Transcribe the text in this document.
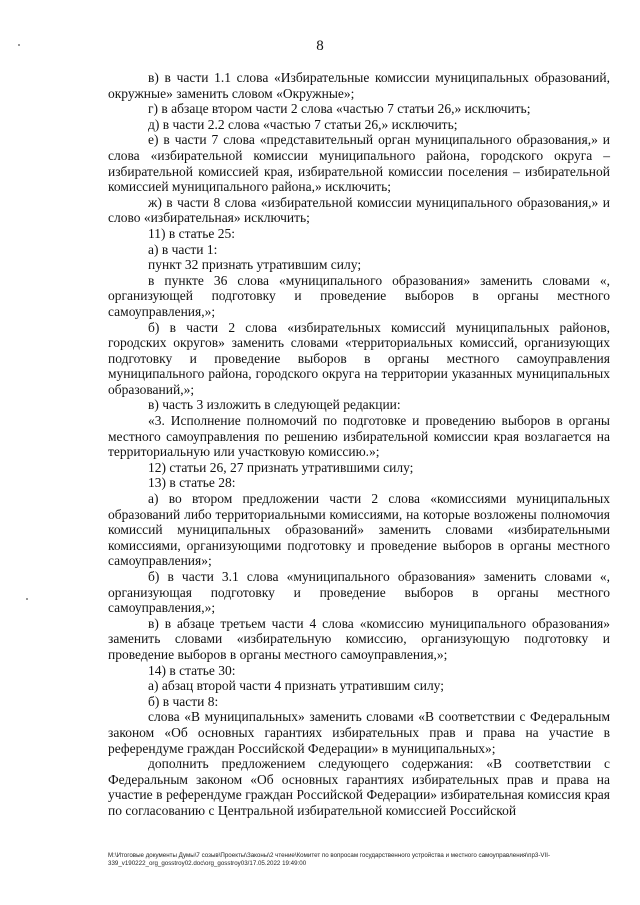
8

в) в части 1.1 слова «Избирательные комиссии муниципальных образований, окружные» заменить словом «Окружные»;

г) в абзаце втором части 2 слова «частью 7 статьи 26,» исключить;

д) в части 2.2 слова «частью 7 статьи 26,» исключить;

е) в части 7 слова «представительный орган муниципального образования,» и слова «избирательной комиссии муниципального района, городского округа – избирательной комиссией края, избирательной комиссии поселения – избирательной комиссией муниципального района,» исключить;

ж) в части 8 слова «избирательной комиссии муниципального образования,» и слово «избирательная» исключить;

11) в статье 25:

а) в части 1:

пункт 32 признать утратившим силу;

в пункте 36 слова «муниципального образования» заменить словами «, организующей подготовку и проведение выборов в органы местного самоуправления,»;

б) в части 2 слова «избирательных комиссий муниципальных районов, городских округов» заменить словами «территориальных комиссий, организующих подготовку и проведение выборов в органы местного самоуправления муниципального района, городского округа на территории указанных муниципальных образований,»;

в) часть 3 изложить в следующей редакции:

«3. Исполнение полномочий по подготовке и проведению выборов в органы местного самоуправления по решению избирательной комиссии края возлагается на территориальную или участковую комиссию.»;

12) статьи 26, 27 признать утратившими силу;

13) в статье 28:

а) во втором предложении части 2 слова «комиссиями муниципальных образований либо территориальными комиссиями, на которые возложены полномочия комиссий муниципальных образований» заменить словами «избирательными комиссиями, организующими подготовку и проведение выборов в органы местного самоуправления»;

б) в части 3.1 слова «муниципального образования» заменить словами «, организующая подготовку и проведение выборов в органы местного самоуправления,»;

в) в абзаце третьем части 4 слова «комиссию муниципального образования» заменить словами «избирательную комиссию, организующую подготовку и проведение выборов в органы местного самоуправления,»;

14) в статье 30:

а) абзац второй части 4 признать утратившим силу;

б) в части 8:

слова «В муниципальных» заменить словами «В соответствии с Федеральным законом «Об основных гарантиях избирательных прав и права на участие в референдуме граждан Российской Федерации» в муниципальных»;

дополнить предложением следующего содержания: «В соответствии с Федеральным законом «Об основных гарантиях избирательных прав и права на участие в референдуме граждан Российской Федерации» избирательная комиссия края по согласованию с Центральной избирательной комиссией Российской

М:\Итоговые документы Думы\7 созыв\Проекты\Законы\2 чтение\Комитет по вопросам государственного устройства и местного самоуправления\пр3-VII-339_v190222_org_gosstroy02.doc\org_gosstroy03/17.05.2022 19:49:00
